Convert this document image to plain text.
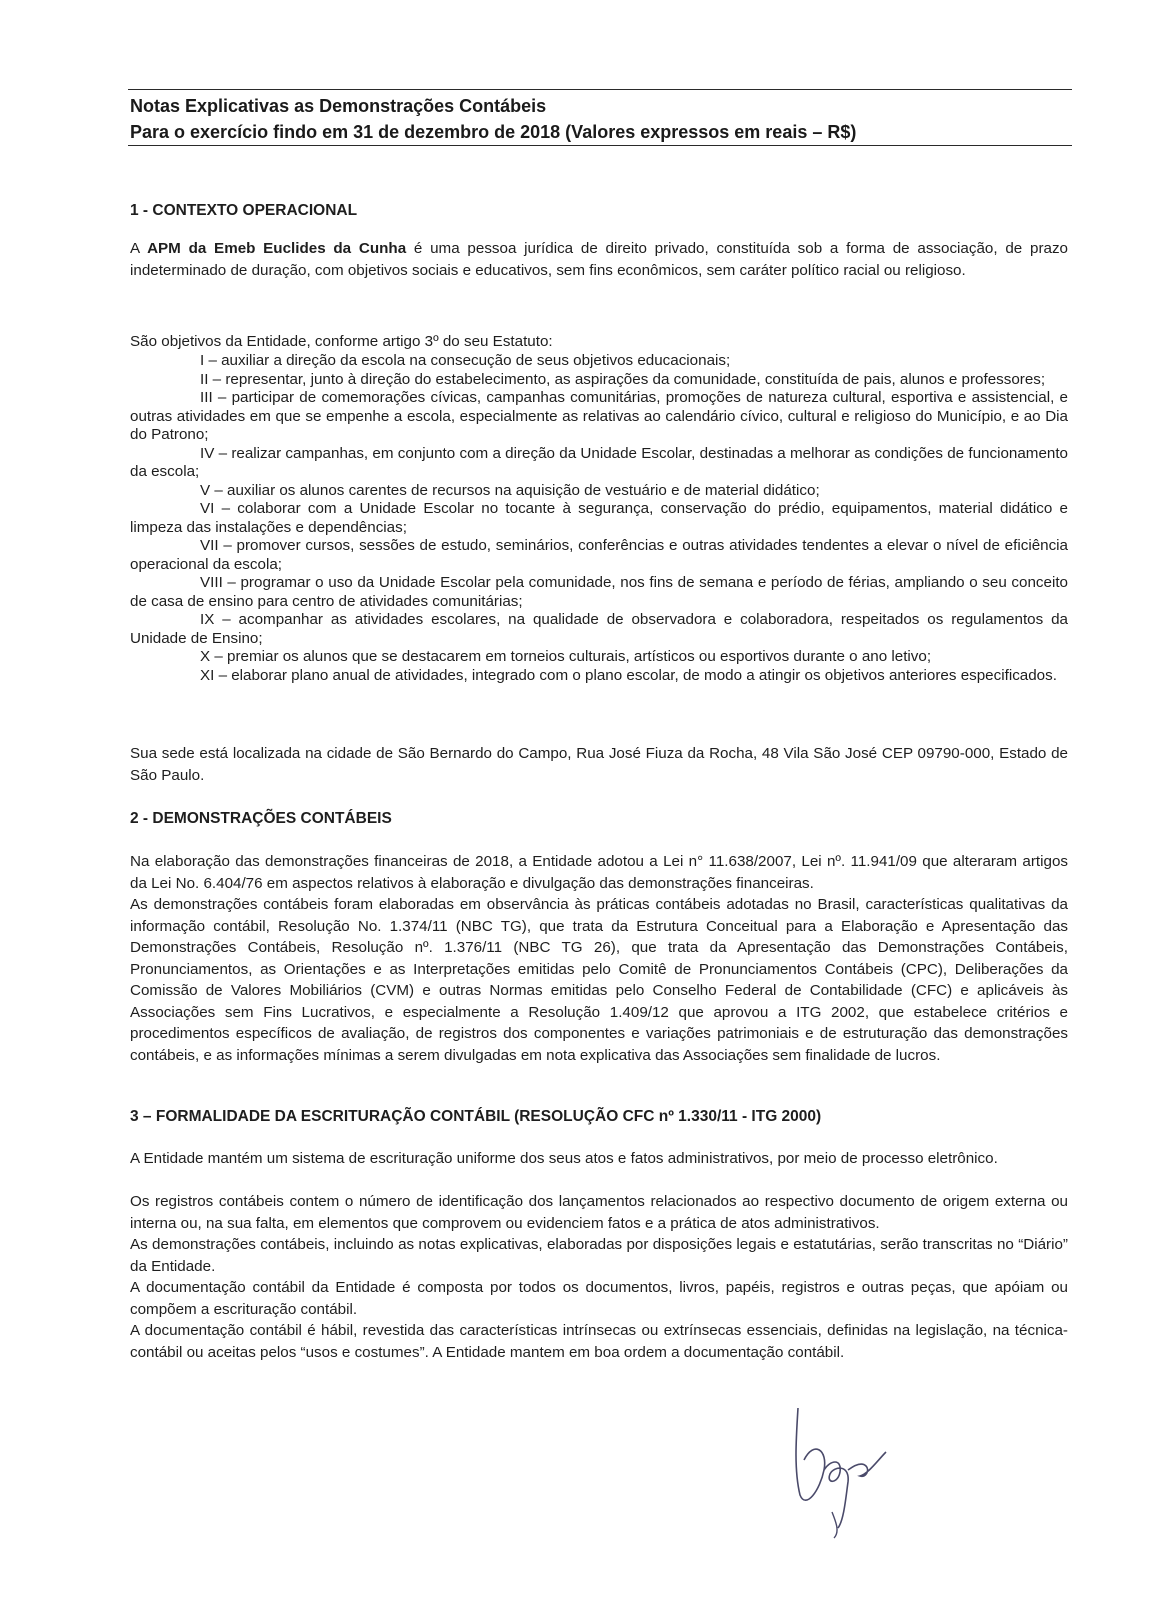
Notas Explicativas as Demonstrações Contábeis
Para o exercício findo em 31 de dezembro de 2018 (Valores expressos em reais – R$)
1 - CONTEXTO OPERACIONAL

A APM da Emeb Euclides da Cunha é uma pessoa jurídica de direito privado, constituída sob a forma de associação, de prazo indeterminado de duração, com objetivos sociais e educativos, sem fins econômicos, sem caráter político racial ou religioso.

São objetivos da Entidade, conforme artigo 3º do seu Estatuto:

I – auxiliar a direção da escola na consecução de seus objetivos educacionais;

II – representar, junto à direção do estabelecimento, as aspirações da comunidade, constituída de pais, alunos e professores;

III – participar de comemorações cívicas, campanhas comunitárias, promoções de natureza cultural, esportiva e assistencial, e outras atividades em que se empenhe a escola, especialmente as relativas ao calendário cívico, cultural e religioso do Município, e ao Dia do Patrono;

IV – realizar campanhas, em conjunto com a direção da Unidade Escolar, destinadas a melhorar as condições de funcionamento da escola;

V – auxiliar os alunos carentes de recursos na aquisição de vestuário e de material didático;

VI – colaborar com a Unidade Escolar no tocante à segurança, conservação do prédio, equipamentos, material didático e limpeza das instalações e dependências;

VII – promover cursos, sessões de estudo, seminários, conferências e outras atividades tendentes a elevar o nível de eficiência operacional da escola;

VIII – programar o uso da Unidade Escolar pela comunidade, nos fins de semana e período de férias, ampliando o seu conceito de casa de ensino para centro de atividades comunitárias;

IX – acompanhar as atividades escolares, na qualidade de observadora e colaboradora, respeitados os regulamentos da Unidade de Ensino;

X – premiar os alunos que se destacarem em torneios culturais, artísticos ou esportivos durante o ano letivo;

XI – elaborar plano anual de atividades, integrado com o plano escolar, de modo a atingir os objetivos anteriores especificados.

Sua sede está localizada na cidade de São Bernardo do Campo, Rua José Fiuza da Rocha, 48 Vila São José CEP 09790-000, Estado de São Paulo.

2 - DEMONSTRAÇÕES CONTÁBEIS

Na elaboração das demonstrações financeiras de 2018, a Entidade adotou a Lei n° 11.638/2007, Lei nº. 11.941/09 que alteraram artigos da Lei No. 6.404/76 em aspectos relativos à elaboração e divulgação das demonstrações financeiras.

As demonstrações contábeis foram elaboradas em observância às práticas contábeis adotadas no Brasil, características qualitativas da informação contábil, Resolução No. 1.374/11 (NBC TG), que trata da Estrutura Conceitual para a Elaboração e Apresentação das Demonstrações Contábeis, Resolução nº. 1.376/11 (NBC TG 26), que trata da Apresentação das Demonstrações Contábeis, Pronunciamentos, as Orientações e as Interpretações emitidas pelo Comitê de Pronunciamentos Contábeis (CPC), Deliberações da Comissão de Valores Mobiliários (CVM) e outras Normas emitidas pelo Conselho Federal de Contabilidade (CFC) e aplicáveis às Associações sem Fins Lucrativos, e especialmente a Resolução 1.409/12 que aprovou a ITG 2002, que estabelece critérios e procedimentos específicos de avaliação, de registros dos componentes e variações patrimoniais e de estruturação das demonstrações contábeis, e as informações mínimas a serem divulgadas em nota explicativa das Associações sem finalidade de lucros.

3 – FORMALIDADE DA ESCRITURAÇÃO CONTÁBIL (RESOLUÇÃO CFC nº 1.330/11 - ITG 2000)

A Entidade mantém um sistema de escrituração uniforme dos seus atos e fatos administrativos, por meio de processo eletrônico.

Os registros contábeis contem o número de identificação dos lançamentos relacionados ao respectivo documento de origem externa ou interna ou, na sua falta, em elementos que comprovem ou evidenciem fatos e a prática de atos administrativos.

As demonstrações contábeis, incluindo as notas explicativas, elaboradas por disposições legais e estatutárias, serão transcritas no “Diário” da Entidade.

A documentação contábil da Entidade é composta por todos os documentos, livros, papéis, registros e outras peças, que apóiam ou compõem a escrituração contábil.

A documentação contábil é hábil, revestida das características intrínsecas ou extrínsecas essenciais, definidas na legislação, na técnica-contábil ou aceitas pelos “usos e costumes”. A Entidade mantem em boa ordem a documentação contábil.
